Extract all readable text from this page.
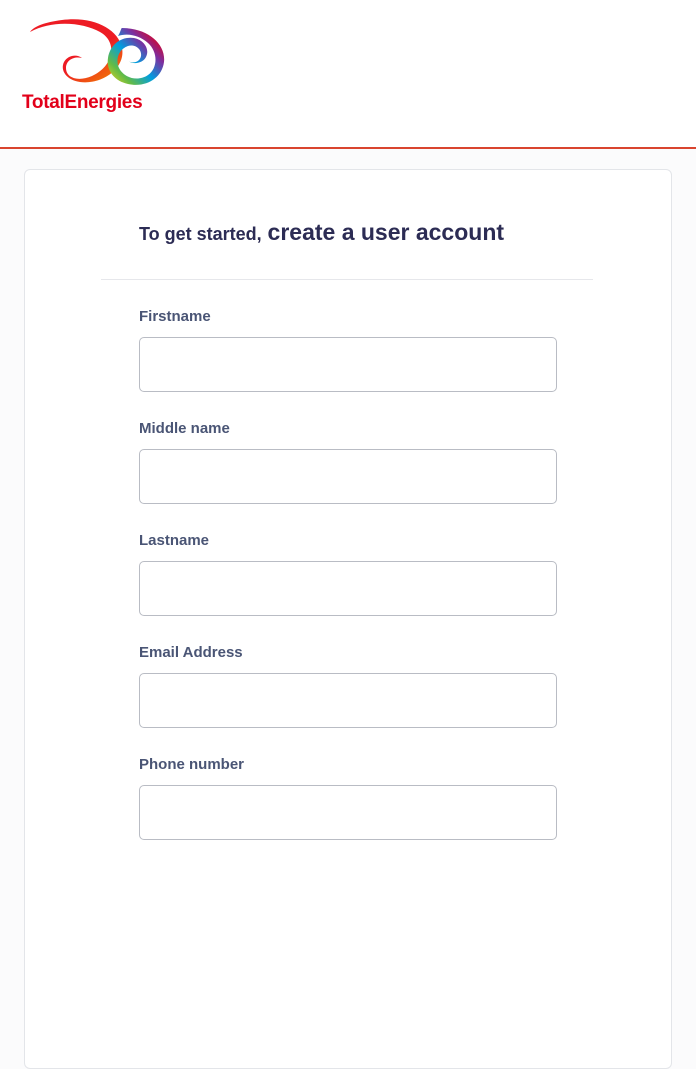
TotalEnergies
To get started, create a user account
Firstname
Middle name
Lastname
Email Address
Phone number
